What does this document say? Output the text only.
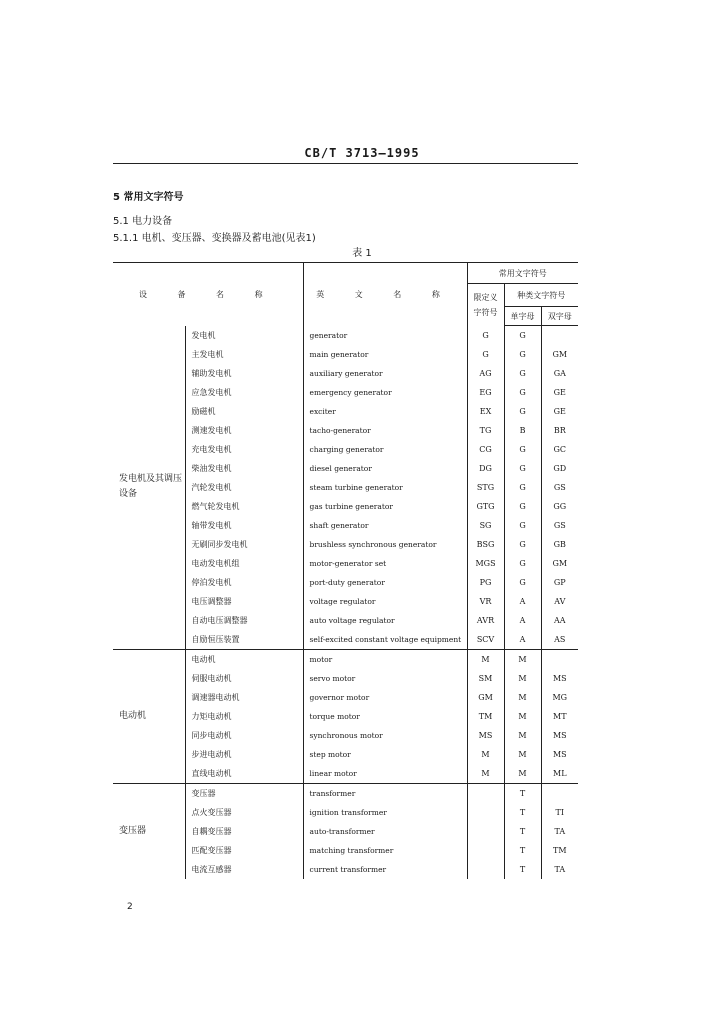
CB/T 3713—1995
5 常用文字符号
5.1 电力设备
5.1.1 电机、变压器、变换器及蓄电池(见表1)
表 1
设 备 名 称		英 文 名 称	常用文字符号		
			限定义
字符号	种类文字符号	
				单字母	双字母
发电机及其调压设备	发电机	generator	G	G	
	主发电机	main generator	G	G	GM
	辅助发电机	auxiliary generator	AG	G	GA
	应急发电机	emergency generator	EG	G	GE
	励磁机	exciter	EX	G	GE
	测速发电机	tacho-generator	TG	B	BR
	充电发电机	charging generator	CG	G	GC
	柴油发电机	diesel generator	DG	G	GD
	汽轮发电机	steam turbine generator	STG	G	GS
	燃气轮发电机	gas turbine generator	GTG	G	GG
	轴带发电机	shaft generator	SG	G	GS
	无刷同步发电机	brushless synchronous generator	BSG	G	GB
	电动发电机组	motor-generator set	MGS	G	GM
	停泊发电机	port-duty generator	PG	G	GP
	电压调整器	voltage regulator	VR	A	AV
	自动电压调整器	auto voltage regulator	AVR	A	AA
	自励恒压装置	self-excited constant voltage equipment	SCV	A	AS
电动机	电动机	motor	M	M	
	伺服电动机	servo motor	SM	M	MS
	调速器电动机	governor motor	GM	M	MG
	力矩电动机	torque motor	TM	M	MT
	同步电动机	synchronous motor	MS	M	MS
	步进电动机	step motor	M	M	MS
	直线电动机	linear motor	M	M	ML
变压器	变压器	transformer		T	
	点火变压器	ignition transformer		T	TI
	自耦变压器	auto-transformer		T	TA
	匹配变压器	matching transformer		T	TM
	电流互感器	current transformer		T	TA
2
